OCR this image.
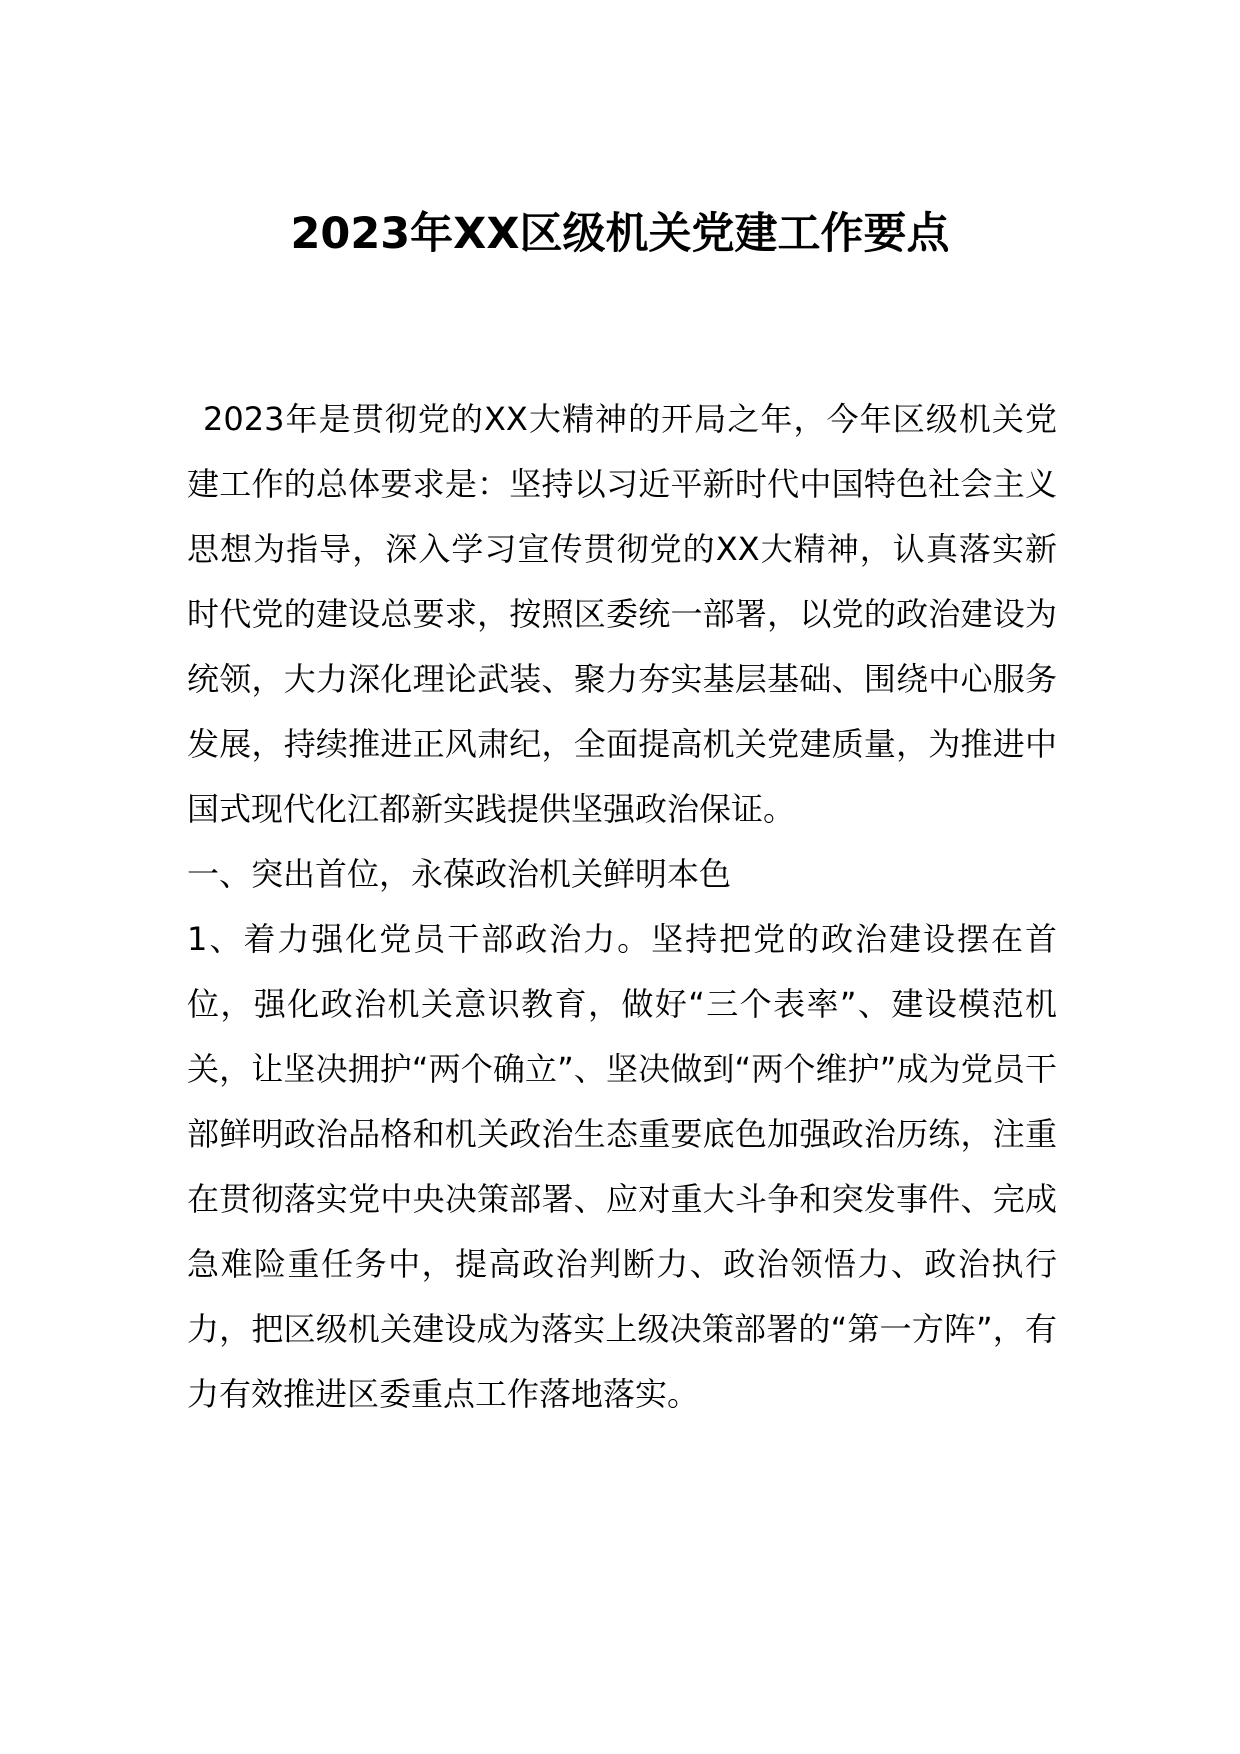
2023年XX区级机关党建工作要点

2023年是贯彻党的XX大精神的开局之年，今年区级机关党建工作的总体要求是：坚持以习近平新时代中国特色社会主义思想为指导，深入学习宣传贯彻党的XX大精神，认真落实新时代党的建设总要求，按照区委统一部署，以党的政治建设为统领，大力深化理论武装、聚力夯实基层基础、围绕中心服务发展，持续推进正风肃纪，全面提高机关党建质量，为推进中国式现代化江都新实践提供坚强政治保证。

一、突出首位，永葆政治机关鲜明本色

1、着力强化党员干部政治力。坚持把党的政治建设摆在首位，强化政治机关意识教育，做好“三个表率”、建设模范机关，让坚决拥护“两个确立”、坚决做到“两个维护”成为党员干部鲜明政治品格和机关政治生态重要底色加强政治历练，注重在贯彻落实党中央决策部署、应对重大斗争和突发事件、完成急难险重任务中，提高政治判断力、政治领悟力、政治执行力，把区级机关建设成为落实上级决策部署的“第一方阵”，有力有效推进区委重点工作落地落实。
